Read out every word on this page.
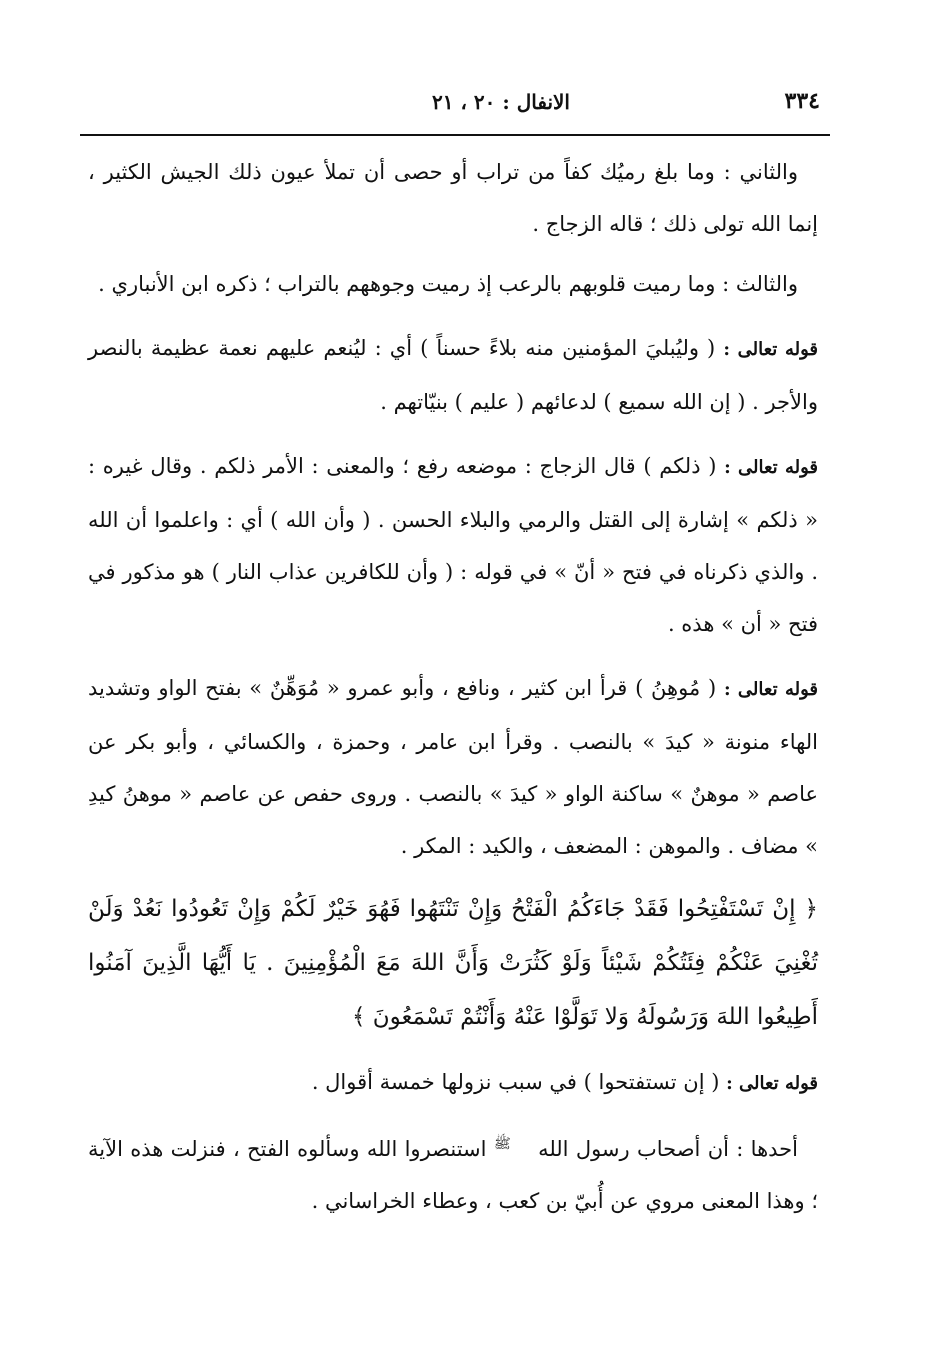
٣٣٤
الانفال : ٢٠ ، ٢١

والثاني : وما بلغ رميُك كفاً من تراب أو حصى أن تملأ عيون ذلك الجيش الكثير ، إنما الله تولى ذلك ؛ قاله الزجاج .

والثالث : وما رميت قلوبهم بالرعب إذ رميت وجوههم بالتراب ؛ ذكره ابن الأنباري .

قوله تعالى : ( وليُبليَ المؤمنين منه بلاءً حسناً ) أي : ليُنعم عليهم نعمة عظيمة بالنصر والأجر . ( إن الله سميع ) لدعائهم ( عليم ) بنيّاتهم .

قوله تعالى : ( ذلكم ) قال الزجاج : موضعه رفع ؛ والمعنى : الأمر ذلكم . وقال غيره : « ذلكم » إشارة إلى القتل والرمي والبلاء الحسن . ( وأن الله ) أي : واعلموا أن الله . والذي ذكرناه في فتح « أنّ » في قوله : ( وأن للكافرين عذاب النار ) هو مذكور في فتح « أن » هذه .

قوله تعالى : ( مُوهِنُ ) قرأ ابن كثير ، ونافع ، وأبو عمرو « مُوَهِّنٌ » بفتح الواو وتشديد الهاء منونة « كيدَ » بالنصب . وقرأ ابن عامر ، وحمزة ، والكسائي ، وأبو بكر عن عاصم « موهنٌ » ساكنة الواو « كيدَ » بالنصب . وروى حفص عن عاصم « موهنُ كيدِ » مضاف . والموهن : المضعف ، والكيد : المكر .

﴿ إِنْ تَسْتَفْتِحُوا فَقَدْ جَاءَكُمُ الْفَتْحُ وَإِنْ تَنْتَهُوا فَهُوَ خَيْرٌ لَكُمْ وَإِنْ تَعُودُوا نَعُدْ وَلَنْ تُغْنِيَ عَنْكُمْ فِئَتُكُمْ شَيْئاً وَلَوْ كَثُرَتْ وَأَنَّ اللهَ مَعَ الْمُؤْمِنِينَ . يَا أَيُّهَا الَّذِينَ آمَنُوا أَطِيعُوا اللهَ وَرَسُولَهُ وَلا تَوَلَّوْا عَنْهُ وَأَنْتُمْ تَسْمَعُونَ ﴾

قوله تعالى : ( إن تستفتحوا ) في سبب نزولها خمسة أقوال .

أحدها : أن أصحاب رسول الله ﷺ استنصروا الله وسألوه الفتح ، فنزلت هذه الآية ؛ وهذا المعنى مروي عن أُبيّ بن كعب ، وعطاء الخراساني .
